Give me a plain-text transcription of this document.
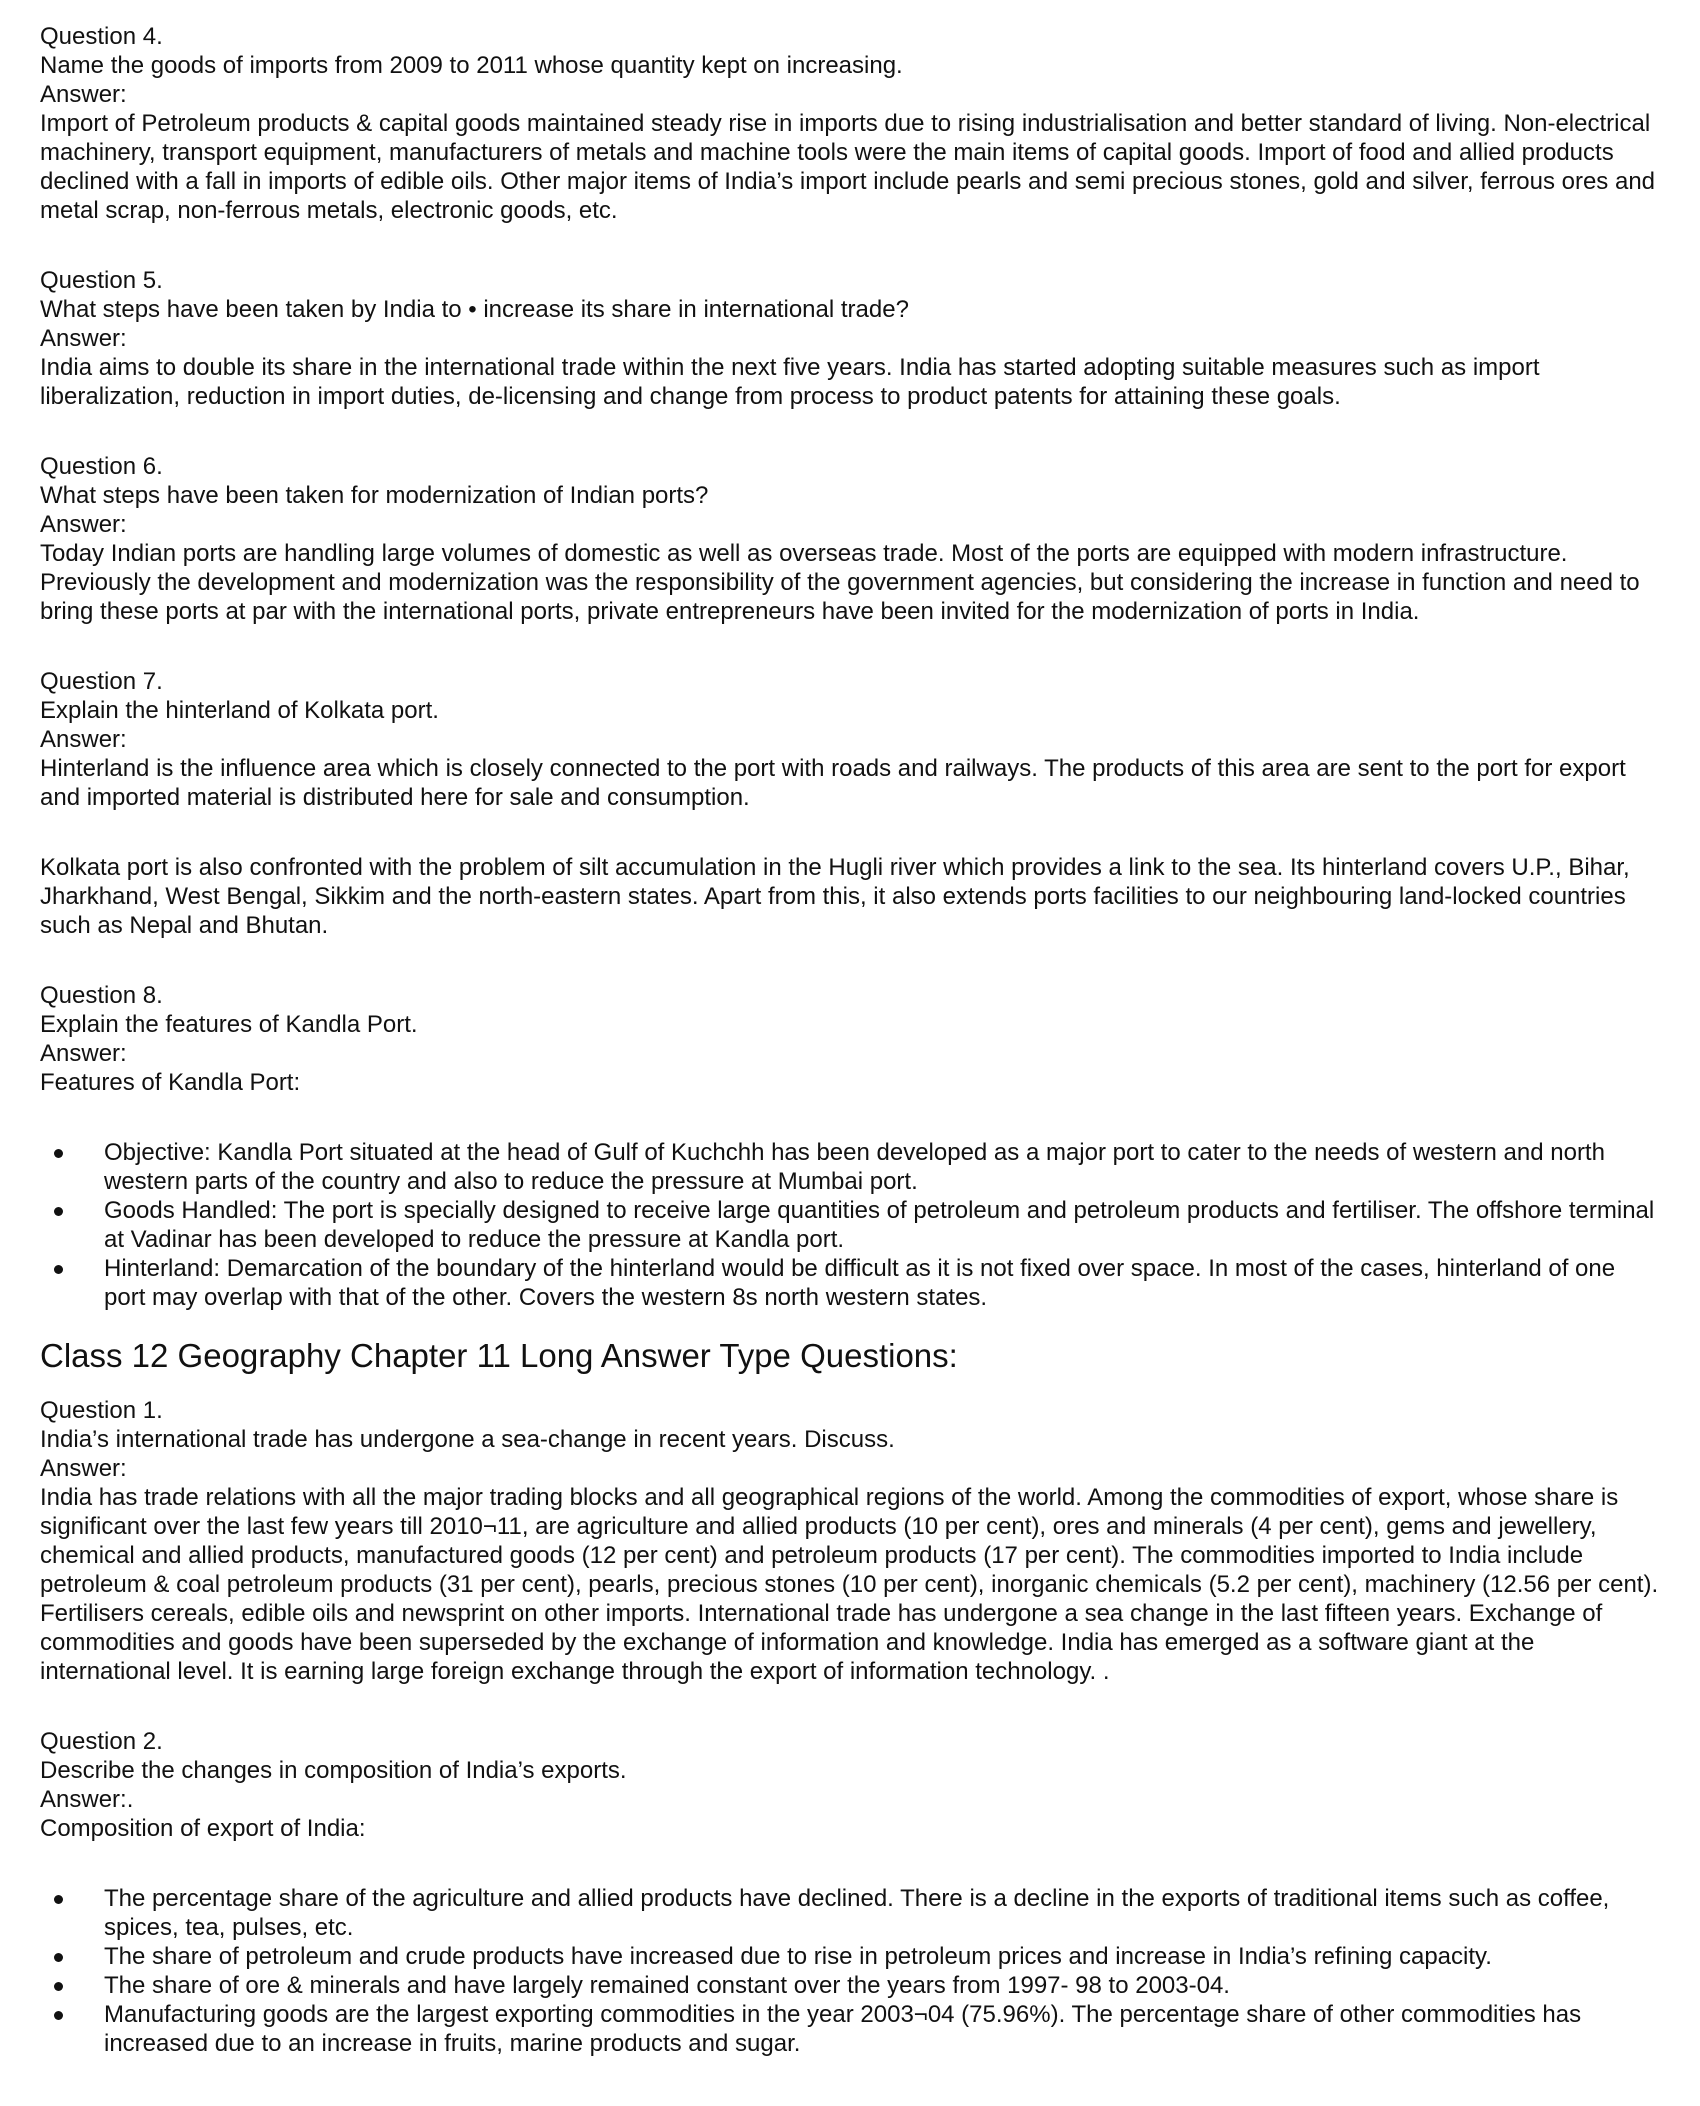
Question 4.
Name the goods of imports from 2009 to 2011 whose quantity kept on increasing.
Answer:

Import of Petroleum products & capital goods maintained steady rise in imports due to rising industrialisation and better standard of living. Non-electrical machinery, transport equipment, manufacturers of metals and machine tools were the main items of capital goods. Import of food and allied products declined with a fall in imports of edible oils. Other major items of India’s import include pearls and semi precious stones, gold and silver, ferrous ores and metal scrap, non-ferrous metals, electronic goods, etc.

Question 5.
What steps have been taken by India to • increase its share in international trade?
Answer:

India aims to double its share in the international trade within the next five years. India has started adopting suitable measures such as import liberalization, reduction in import duties, de-licensing and change from process to product patents for attaining these goals.

Question 6.
What steps have been taken for modernization of Indian ports?
Answer:

Today Indian ports are handling large volumes of domestic as well as overseas trade. Most of the ports are equipped with modern infrastructure. Previously the development and modernization was the responsibility of the government agencies, but considering the increase in function and need to bring these ports at par with the international ports, private entrepreneurs have been invited for the modernization of ports in India.

Question 7.
Explain the hinterland of Kolkata port.
Answer:

Hinterland is the influence area which is closely connected to the port with roads and railways. The products of this area are sent to the port for export and imported material is distributed here for sale and consumption.

Kolkata port is also confronted with the problem of silt accumulation in the Hugli river which provides a link to the sea. Its hinterland covers U.P., Bihar, Jharkhand, West Bengal, Sikkim and the north-eastern states. Apart from this, it also extends ports facilities to our neighbouring land-locked countries such as Nepal and Bhutan.

Question 8.
Explain the features of Kandla Port.
Answer:
Features of Kandla Port:
Objective: Kandla Port situated at the head of Gulf of Kuchchh has been developed as a major port to cater to the needs of western and north western parts of the country and also to reduce the pressure at Mumbai port.
Goods Handled: The port is specially designed to receive large quantities of petroleum and petroleum products and fertiliser. The offshore terminal at Vadinar has been developed to reduce the pressure at Kandla port.
Hinterland: Demarcation of the boundary of the hinterland would be difficult as it is not fixed over space. In most of the cases, hinterland of one port may overlap with that of the other. Covers the western 8s north western states.
Class 12 Geography Chapter 11 Long Answer Type Questions:
Question 1.
India’s international trade has undergone a sea-change in recent years. Discuss.
Answer:

India has trade relations with all the major trading blocks and all geographical regions of the world. Among the commodities of export, whose share is significant over the last few years till 2010¬11, are agriculture and allied products (10 per cent), ores and minerals (4 per cent), gems and jewellery, chemical and allied products, manufactured goods (12 per cent) and petroleum products (17 per cent). The commodities imported to India include petroleum & coal petroleum products (31 per cent), pearls, precious stones (10 per cent), inorganic chemicals (5.2 per cent), machinery (12.56 per cent). Fertilisers cereals, edible oils and newsprint on other imports. International trade has undergone a sea change in the last fifteen years. Exchange of commodities and goods have been superseded by the exchange of information and knowledge. India has emerged as a software giant at the international level. It is earning large foreign exchange through the export of information technology. .

Question 2.
Describe the changes in composition of India’s exports.
Answer:.
Composition of export of India:
The percentage share of the agriculture and allied products have declined. There is a decline in the exports of traditional items such as coffee, spices, tea, pulses, etc.
The share of petroleum and crude products have increased due to rise in petroleum prices and increase in India’s refining capacity.
The share of ore & minerals and have largely remained constant over the years from 1997- 98 to 2003-04.
Manufacturing goods are the largest exporting commodities in the year 2003¬04 (75.96%). The percentage share of other commodities has increased due to an increase in fruits, marine products and sugar.
